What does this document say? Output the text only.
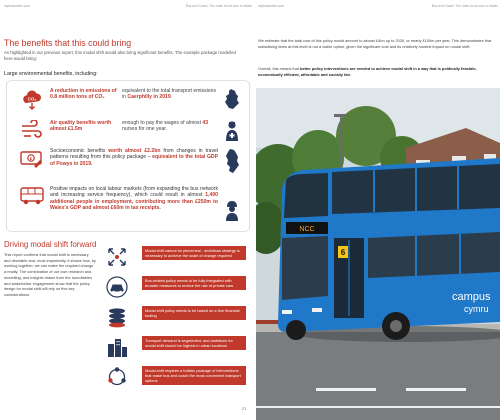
rapleasonline.com	Bus and Coach: The route to net zero in Wales
The benefits that this could bring
As highlighted in our previous report, this modal shift would also bring significant benefits. The example package modelled here would bring:
Large environmental benefits, including:
CO₂
A reduction in emissions of 0.8 million tons of CO₂
equivalent to the total transport emissions in Caerphilly in 2019.
Air quality benefits worth almost £1.5m
enough to pay the wages of almost 43 nurses for one year.
£
Socioeconomic benefits worth almost £2.2bn from changes in travel patterns resulting from this policy package – equivalent to the total GDP of Powys in 2019.
Positive impacts on local labour markets (from expanding the bus network and increasing service frequency), which could result in almost 1,400 additional people in employment, contributing more than £250m to Wales's GDP and almost £60m in tax receipts.
Driving modal shift forward
This report confirms that modal shift is necessary and desirable and, most importantly, it shows how, by working together, we can make the required change a reality. The combination of our own research and modelling, and insights drawn from the roundtables and stakeholder engagement show that the policy design for modal shift will rely on five key considerations.
Modal shift cannot be piecemeal - ambitious strategy is necessary to achieve the scale of change required
Bus-related policy needs to be fully integrated with broader measures to reduce the use of private cars
Modal shift policy needs to be based on a firm financial footing
Transport demand is segmented, and ambitions for modal shift should be highest in urban locations
Modal shift requires a holistic package of interventions that make bus and coach the most convenient transport options
27
rapleasonline.com	Bus and Coach: The route to net zero in Wales
We estimate that the total cost of this policy would amount to almost £4bn up to 2030, or nearly £150m per year. This demonstrates that subsidising fares at this level is not a viable option, given the significant cost and its relatively modest impact on modal shift.
Overall, this means that better policy interventions are needed to achieve modal shift in a way that is politically feasible, economically efficient, affordable and socially fair.
NCC
6
campus
cymru
